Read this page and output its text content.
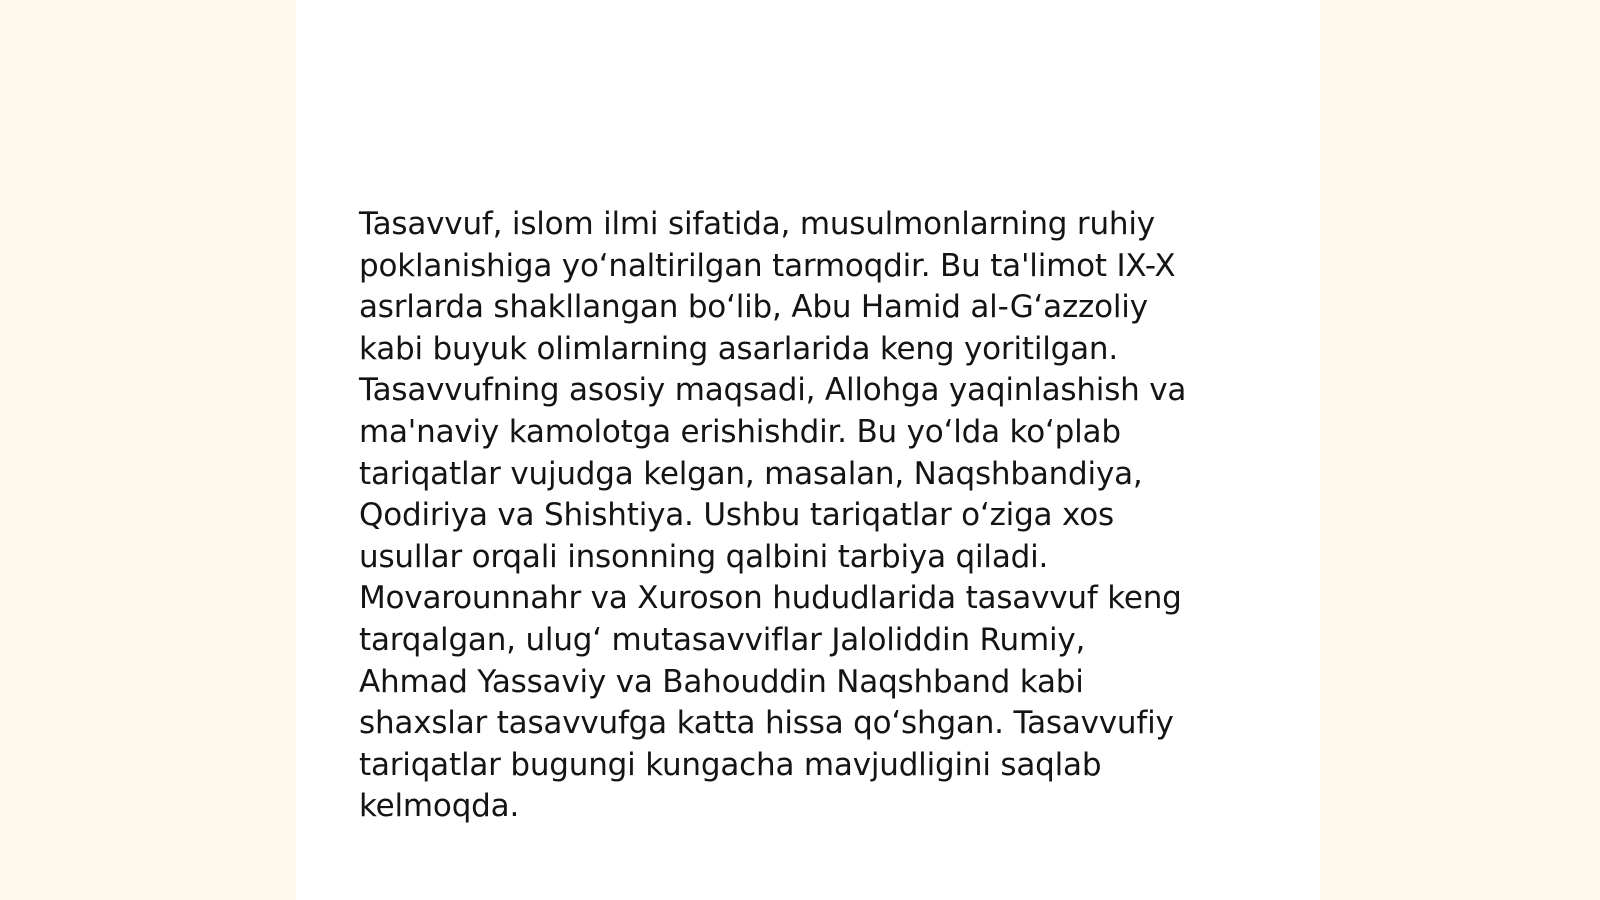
Tasavvuf, islom ilmi sifatida, musulmonlarning ruhiy
poklanishiga yo‘naltirilgan tarmoqdir. Bu ta'limot IX-X
asrlarda shakllangan bo‘lib, Abu Hamid al-G‘azzoliy
kabi buyuk olimlarning asarlarida keng yoritilgan.
Tasavvufning asosiy maqsadi, Allohga yaqinlashish va
ma'naviy kamolotga erishishdir. Bu yo‘lda ko‘plab
tariqatlar vujudga kelgan, masalan, Naqshbandiya,
Qodiriya va Shishtiya. Ushbu tariqatlar o‘ziga xos
usullar orqali insonning qalbini tarbiya qiladi.
Movarounnahr va Xuroson hududlarida tasavvuf keng
tarqalgan, ulug‘ mutasavviflar Jaloliddin Rumiy,
Ahmad Yassaviy va Bahouddin Naqshband kabi
shaxslar tasavvufga katta hissa qo‘shgan. Tasavvufiy
tariqatlar bugungi kungacha mavjudligini saqlab
kelmoqda.
